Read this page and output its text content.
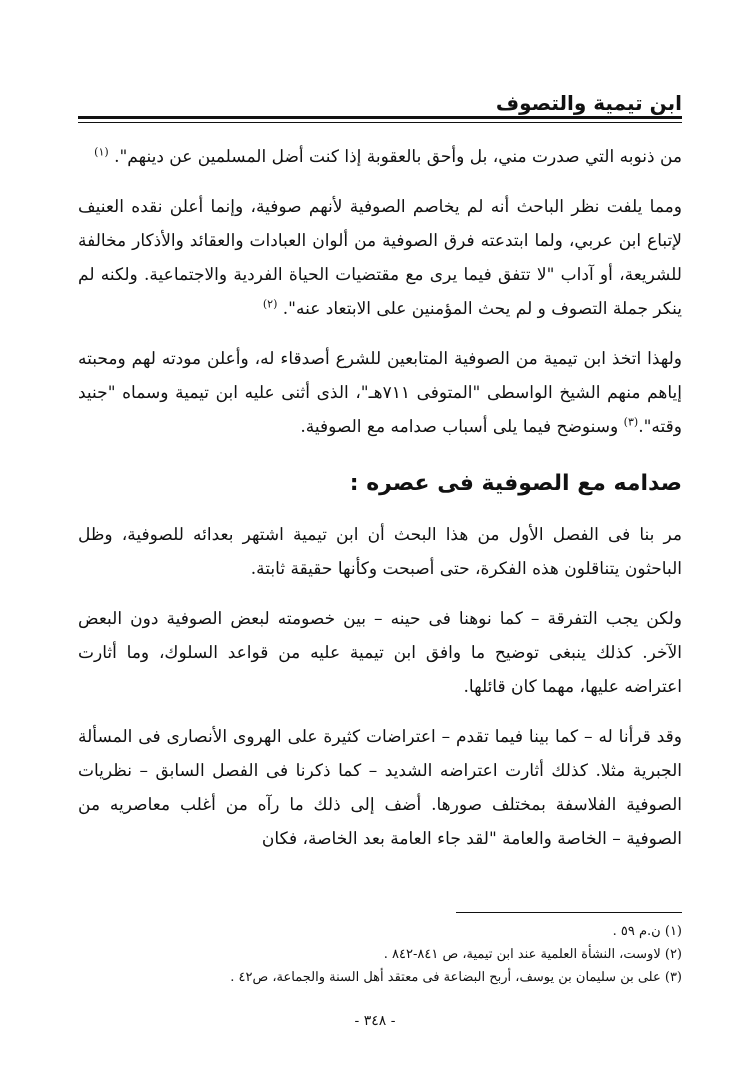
ابن تيمية والتصوف

من ذنوبه التي صدرت مني، بل وأحق بالعقوبة إذا كنت أضل المسلمين عن دينهم". $^{(١)}$

ومما يلفت نظر الباحث أنه لم يخاصم الصوفية لأنهم صوفية، وإنما أعلن نقده العنيف لإتباع ابن عربي، ولما ابتدعته فرق الصوفية من ألوان العبادات والعقائد والأذكار مخالفة للشريعة، أو آداب "لا تتفق فيما يرى مع مقتضيات الحياة الفردية والاجتماعية. ولكنه لم ينكر جملة التصوف و لم يحث المؤمنين على الابتعاد عنه". $^{(٢)}$

ولهذا اتخذ ابن تيمية من الصوفية المتابعين للشرع أصدقاء له، وأعلن مودته لهم ومحبته إياهم منهم الشيخ الواسطى "المتوفى ٧١١هـ"، الذى أثنى عليه ابن تيمية وسماه "جنيد وقته".$^{(٣)}$ وسنوضح فيما يلى أسباب صدامه مع الصوفية.

صدامه مع الصوفية فى عصره :

مر بنا فى الفصل الأول من هذا البحث أن ابن تيمية اشتهر بعدائه للصوفية، وظل الباحثون يتناقلون هذه الفكرة، حتى أصبحت وكأنها حقيقة ثابتة.

ولكن يجب التفرقة – كما نوهنا فى حينه – بين خصومته لبعض الصوفية دون البعض الآخر. كذلك ينبغى توضيح ما وافق ابن تيمية عليه من قواعد السلوك، وما أثارت اعتراضه عليها، مهما كان قائلها.

وقد قرأنا له – كما بينا فيما تقدم – اعتراضات كثيرة على الهروى الأنصارى فى المسألة الجبرية مثلا. كذلك أثارت اعتراضه الشديد – كما ذكرنا فى الفصل السابق – نظريات الصوفية الفلاسفة بمختلف صورها. أضف إلى ذلك ما رآه من أغلب معاصريه من الصوفية – الخاصة والعامة "لقد جاء العامة بعد الخاصة، فكان

(١) ن.م ٥٩ .

(٢) لاوست، النشأة العلمية عند ابن تيمية، ص ٨٤١-٨٤٢ .

(٣) على بن سليمان بن يوسف، أربح البضاعة فى معتقد أهل السنة والجماعة، ص٤٢ .

- ٣٤٨ -
